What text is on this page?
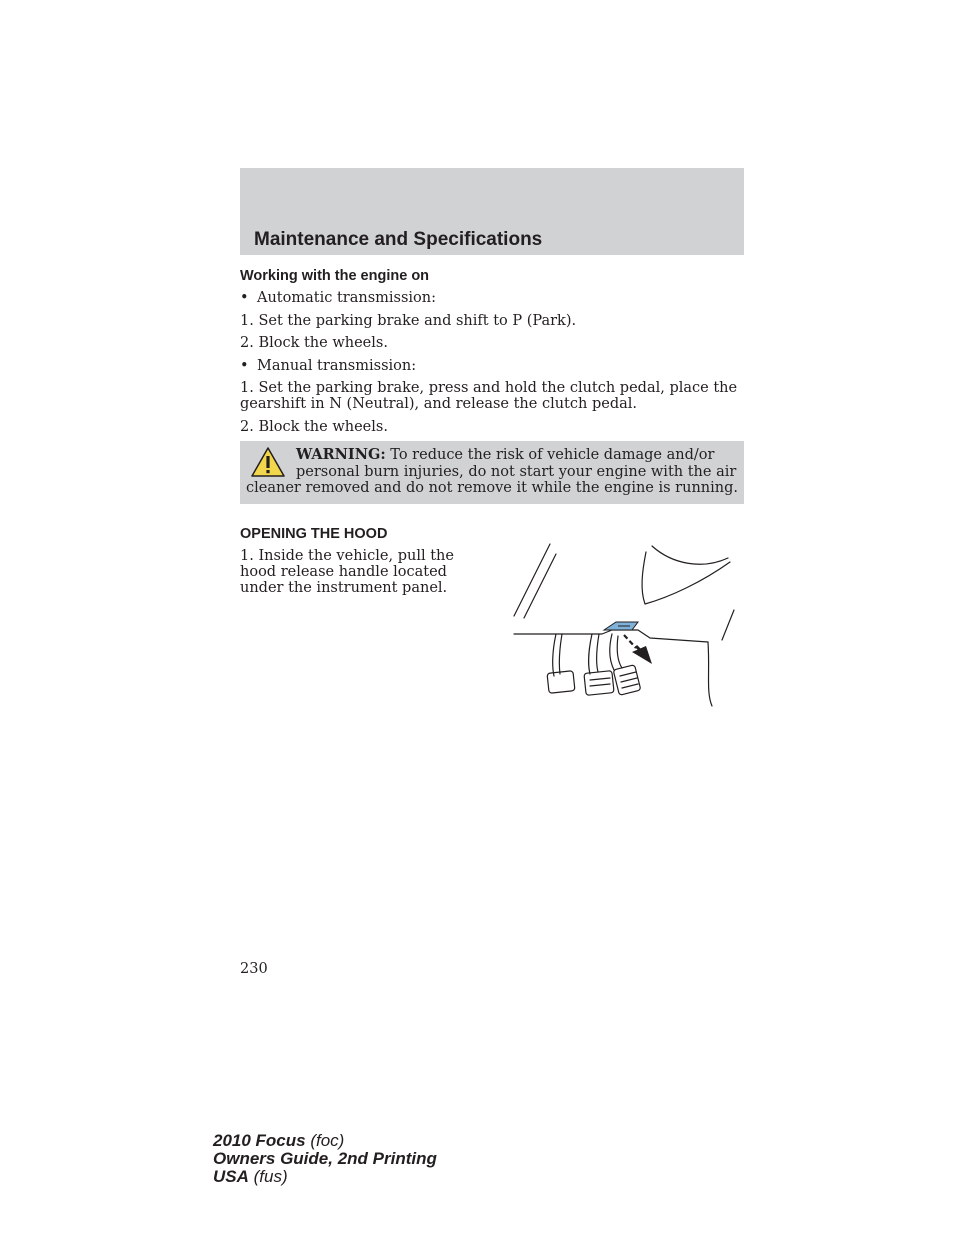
Maintenance and Specifications
Working with the engine on
• Automatic transmission:

1. Set the parking brake and shift to P (Park).

2. Block the wheels.

• Manual transmission:

1. Set the parking brake, press and hold the clutch pedal, place the gearshift in N (Neutral), and release the clutch pedal.

2. Block the wheels.

WARNING: To reduce the risk of vehicle damage and/or personal burn injuries, do not start your engine with the air cleaner removed and do not remove it while the engine is running.
OPENING THE HOOD

1. Inside the vehicle, pull the hood release handle located under the instrument panel.

230

2010 Focus (foc)
Owners Guide, 2nd Printing
USA (fus)
